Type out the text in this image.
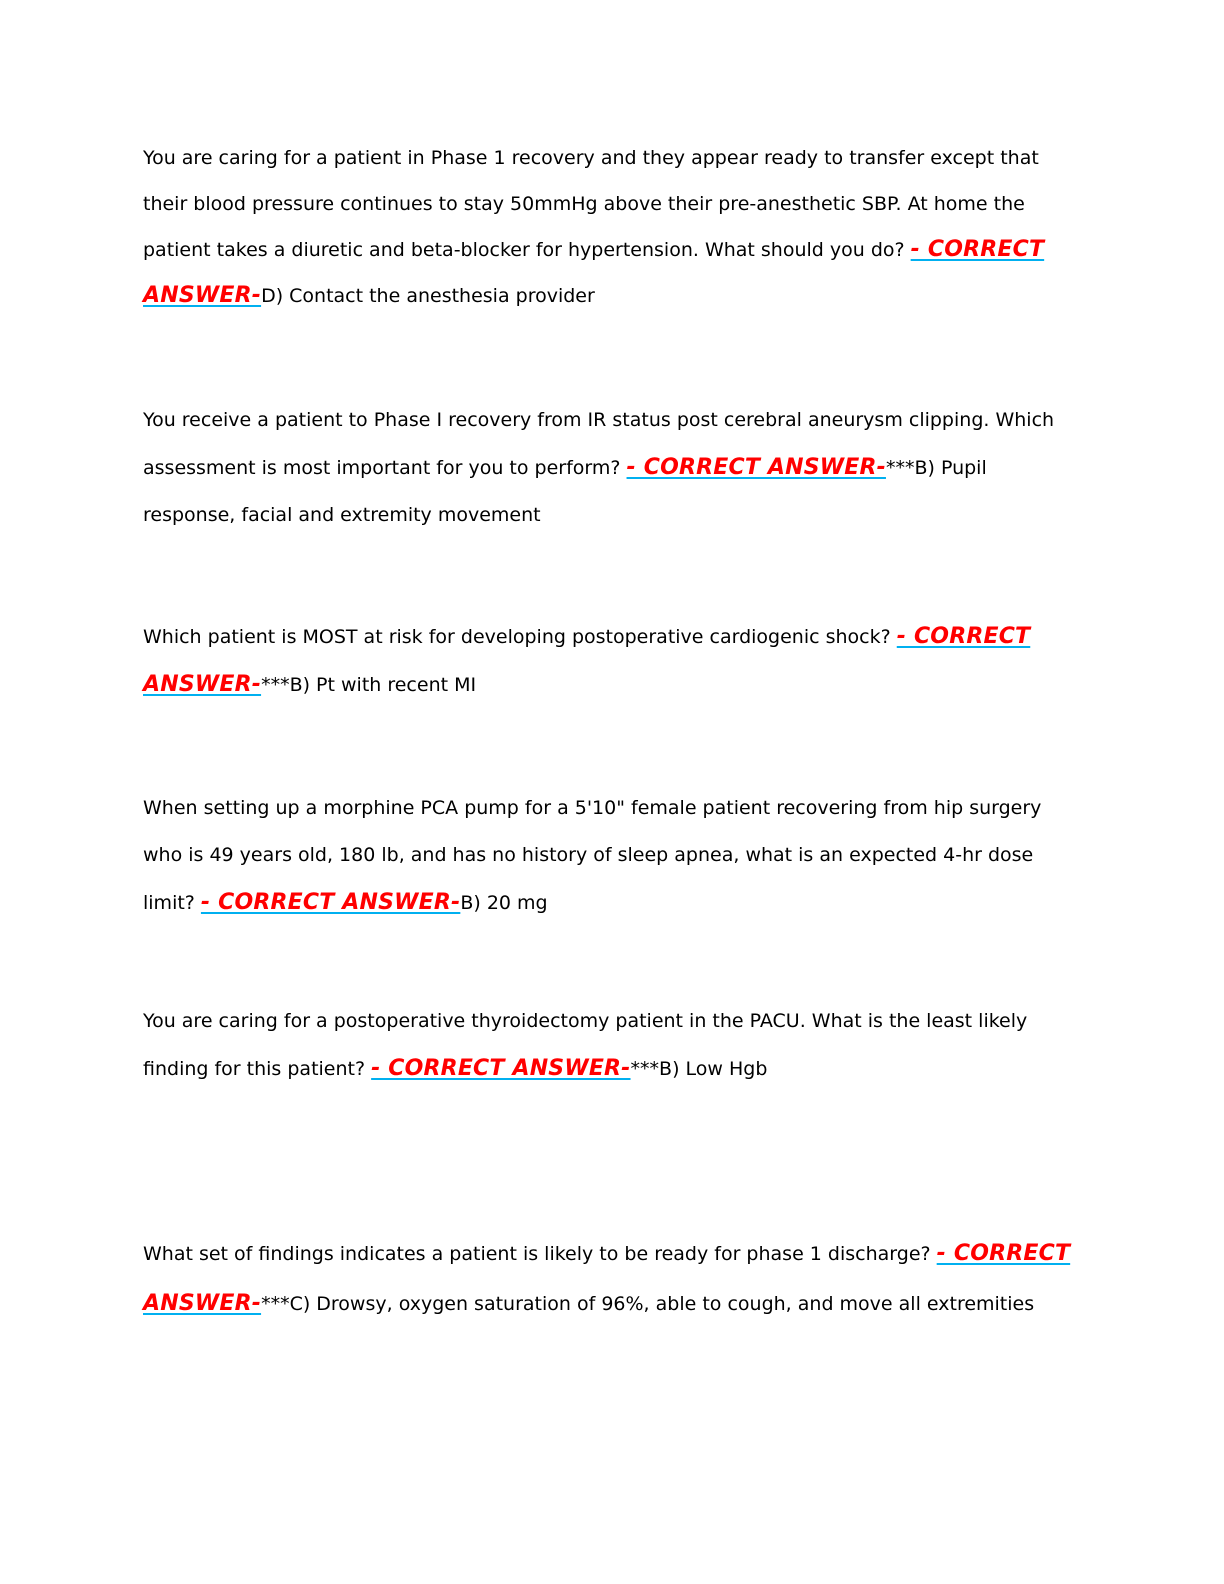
You are caring for a patient in Phase 1 recovery and they appear ready to transfer except that their blood pressure continues to stay 50mmHg above their pre-anesthetic SBP. At home the patient takes a diuretic and beta-blocker for hypertension. What should you do? - CORRECT ANSWER-D) Contact the anesthesia provider

You receive a patient to Phase I recovery from IR status post cerebral aneurysm clipping. Which assessment is most important for you to perform? - CORRECT ANSWER-***B) Pupil response, facial and extremity movement

Which patient is MOST at risk for developing postoperative cardiogenic shock? - CORRECT ANSWER-***B) Pt with recent MI

When setting up a morphine PCA pump for a 5'10" female patient recovering from hip surgery who is 49 years old, 180 lb, and has no history of sleep apnea, what is an expected 4-hr dose limit? - CORRECT ANSWER-B) 20 mg

You are caring for a postoperative thyroidectomy patient in the PACU. What is the least likely finding for this patient? - CORRECT ANSWER-***B) Low Hgb

What set of findings indicates a patient is likely to be ready for phase 1 discharge? - CORRECT ANSWER-***C) Drowsy, oxygen saturation of 96%, able to cough, and move all extremities
